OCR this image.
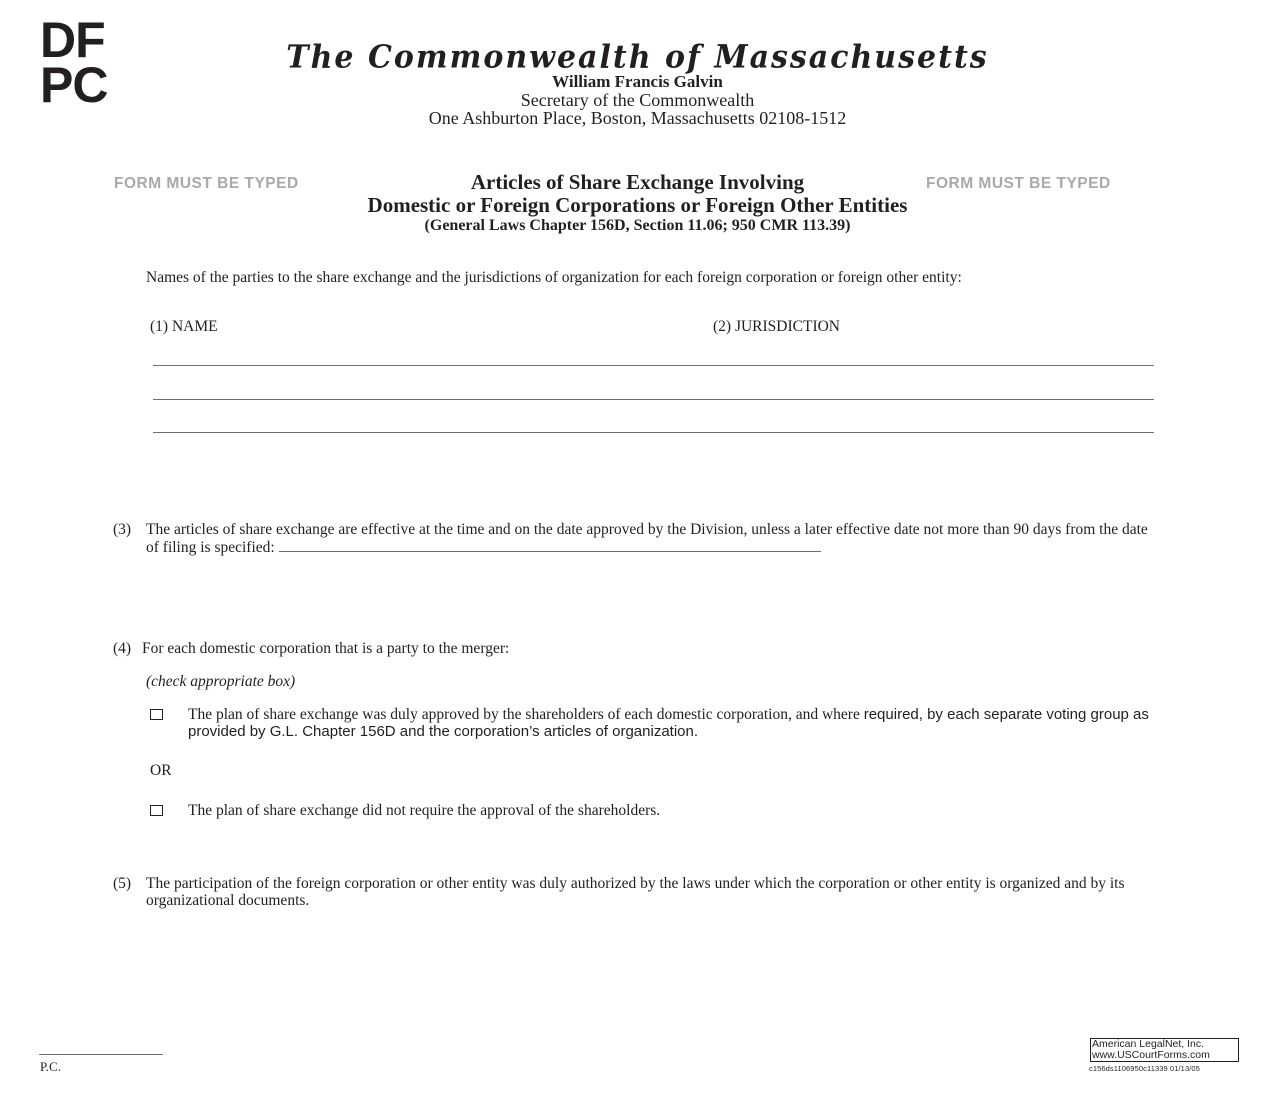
DF
PC	The Commonwealth of Massachusetts
William Francis Galvin
Secretary of the Commonwealth
One Ashburton Place, Boston, Massachusetts 02108-1512
FORM MUST BE TYPED	FORM MUST BE TYPED
Articles of Share Exchange Involving
Domestic or Foreign Corporations or Foreign Other Entities
(General Laws Chapter 156D, Section 11.06; 950 CMR 113.39)
Names of the parties to the share exchange and the jurisdictions of organization for each foreign corporation or foreign other entity:
(1) NAME	(2) JURISDICTION
(3) The articles of share exchange are effective at the time and on the date approved by the Division, unless a later effective date not more than 90 days from the date of filing is specified:
(4) For each domestic corporation that is a party to the merger:
(check appropriate box)
The plan of share exchange was duly approved by the shareholders of each domestic corporation, and where required, by each separate voting group as provided by G.L. Chapter 156D and the corporation’s articles of organization.
OR
The plan of share exchange did not require the approval of the shareholders.
(5) The participation of the foreign corporation or other entity was duly authorized by the laws under which the corporation or other entity is organized and by its organizational documents.
P.C.
American LegalNet, Inc.
www.USCourtForms.com
c156ds1106950c11339 01/13/05
